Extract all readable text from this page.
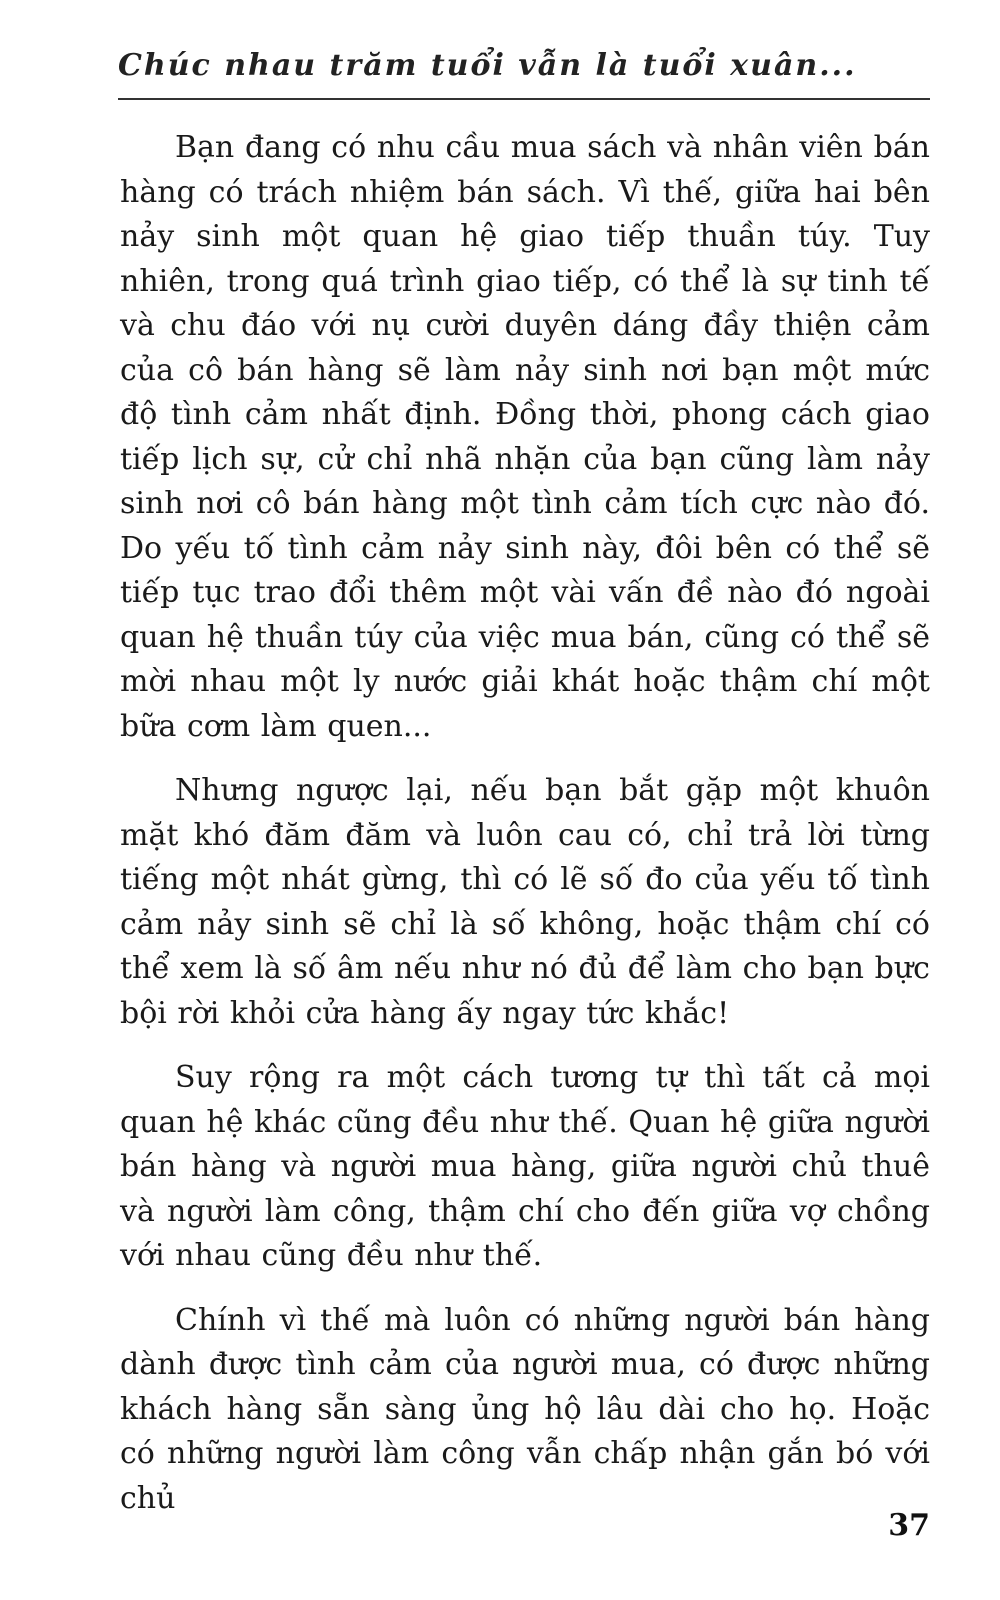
Chúc nhau trăm tuổi vẫn là tuổi xuân...

Bạn đang có nhu cầu mua sách và nhân viên bán hàng có trách nhiệm bán sách. Vì thế, giữa hai bên nảy sinh một quan hệ giao tiếp thuần túy. Tuy nhiên, trong quá trình giao tiếp, có thể là sự tinh tế và chu đáo với nụ cười duyên dáng đầy thiện cảm của cô bán hàng sẽ làm nảy sinh nơi bạn một mức độ tình cảm nhất định. Đồng thời, phong cách giao tiếp lịch sự, cử chỉ nhã nhặn của bạn cũng làm nảy sinh nơi cô bán hàng một tình cảm tích cực nào đó. Do yếu tố tình cảm nảy sinh này, đôi bên có thể sẽ tiếp tục trao đổi thêm một vài vấn đề nào đó ngoài quan hệ thuần túy của việc mua bán, cũng có thể sẽ mời nhau một ly nước giải khát hoặc thậm chí một bữa cơm làm quen...

Nhưng ngược lại, nếu bạn bắt gặp một khuôn mặt khó đăm đăm và luôn cau có, chỉ trả lời từng tiếng một nhát gừng, thì có lẽ số đo của yếu tố tình cảm nảy sinh sẽ chỉ là số không, hoặc thậm chí có thể xem là số âm nếu như nó đủ để làm cho bạn bực bội rời khỏi cửa hàng ấy ngay tức khắc!

Suy rộng ra một cách tương tự thì tất cả mọi quan hệ khác cũng đều như thế. Quan hệ giữa người bán hàng và người mua hàng, giữa người chủ thuê và người làm công, thậm chí cho đến giữa vợ chồng với nhau cũng đều như thế.

Chính vì thế mà luôn có những người bán hàng dành được tình cảm của người mua, có được những khách hàng sẵn sàng ủng hộ lâu dài cho họ. Hoặc có những người làm công vẫn chấp nhận gắn bó với chủ

37
